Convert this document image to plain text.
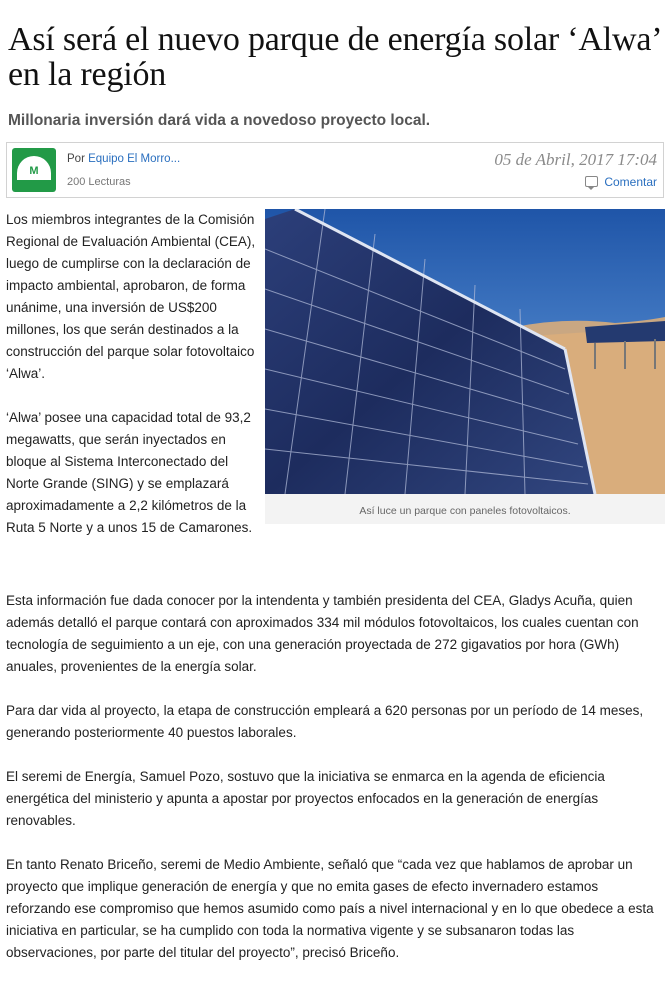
Así será el nuevo parque de energía solar ‘Alwa’ en la región
Millonaria inversión dará vida a novedoso proyecto local.
M
Por Equipo El Morro...
200 Lecturas
05 de Abril, 2017 17:04
Comentar

Los miembros integrantes de la Comisión Regional de Evaluación Ambiental (CEA), luego de cumplirse con la declaración de impacto ambiental, aprobaron, de forma unánime, una inversión de US$200 millones, los que serán destinados a la construcción del parque solar fotovoltaico ‘Alwa’.

‘Alwa’ posee una capacidad total de 93,2 megawatts, que serán inyectados en bloque al Sistema Interconectado del Norte Grande (SING) y se emplazará aproximadamente a 2,2 kilómetros de la Ruta 5 Norte y a unos 15 de Camarones.

Así luce un parque con paneles fotovoltaicos.

Esta información fue dada conocer por la intendenta y también presidenta del CEA, Gladys Acuña, quien además detalló el parque contará con aproximados 334 mil módulos fotovoltaicos, los cuales cuentan con tecnología de seguimiento a un eje, con una generación proyectada de 272 gigavatios por hora (GWh) anuales, provenientes de la energía solar.

Para dar vida al proyecto, la etapa de construcción empleará a 620 personas por un período de 14 meses, generando posteriormente 40 puestos laborales.

El seremi de Energía, Samuel Pozo, sostuvo que la iniciativa se enmarca en la agenda de eficiencia energética del ministerio y apunta a apostar por proyectos enfocados en la generación de energías renovables.

En tanto Renato Briceño, seremi de Medio Ambiente, señaló que “cada vez que hablamos de aprobar un proyecto que implique generación de energía y que no emita gases de efecto invernadero estamos reforzando ese compromiso que hemos asumido como país a nivel internacional y en lo que obedece a esta iniciativa en particular, se ha cumplido con toda la normativa vigente y se subsanaron todas las observaciones, por parte del titular del proyecto”, precisó Briceño.
